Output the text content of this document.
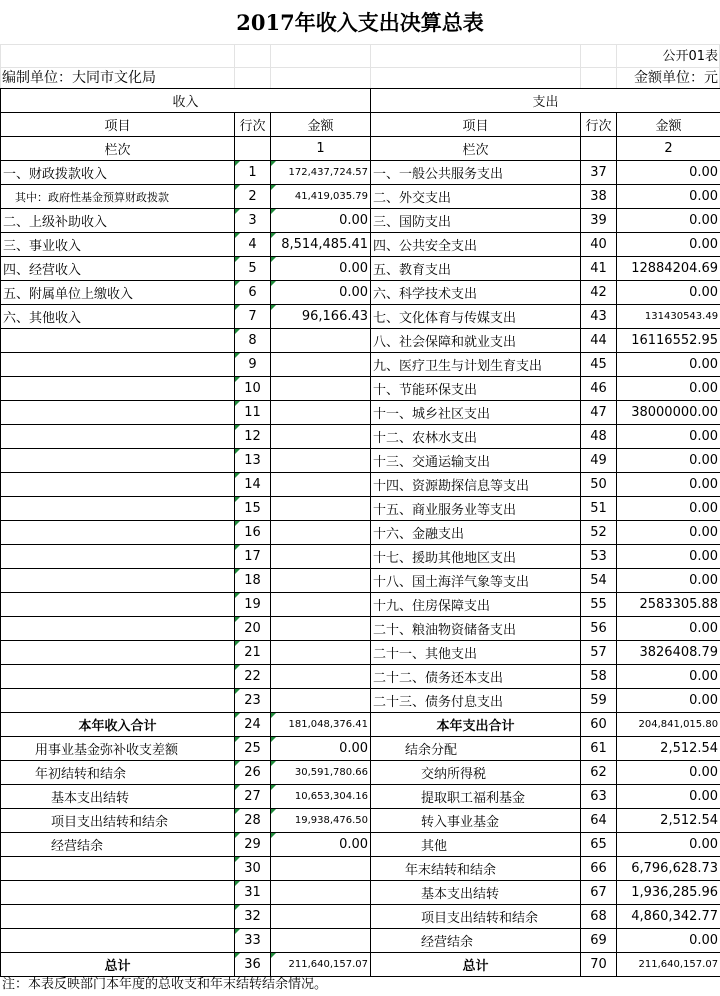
2017年收入支出决算总表
公开01表
编制单位：大同市文化局	金额单位：元
收入			支出		
项目	行次	金额	项目	行次	金额
栏次		1	栏次		2
一、财政拨款收入	1	172,437,724.57	一、一般公共服务支出	37	0.00
其中：政府性基金预算财政拨款	2	41,419,035.79	二、外交支出	38	0.00
二、上级补助收入	3	0.00	三、国防支出	39	0.00
三、事业收入	4	8,514,485.41	四、公共安全支出	40	0.00
四、经营收入	5	0.00	五、教育支出	41	12884204.69
五、附属单位上缴收入	6	0.00	六、科学技术支出	42	0.00
六、其他收入	7	96,166.43	七、文化体育与传媒支出	43	131430543.49
	8		八、社会保障和就业支出	44	16116552.95
	9		九、医疗卫生与计划生育支出	45	0.00
	10		十、节能环保支出	46	0.00
	11		十一、城乡社区支出	47	38000000.00
	12		十二、农林水支出	48	0.00
	13		十三、交通运输支出	49	0.00
	14		十四、资源勘探信息等支出	50	0.00
	15		十五、商业服务业等支出	51	0.00
	16		十六、金融支出	52	0.00
	17		十七、援助其他地区支出	53	0.00
	18		十八、国土海洋气象等支出	54	0.00
	19		十九、住房保障支出	55	2583305.88
	20		二十、粮油物资储备支出	56	0.00
	21		二十一、其他支出	57	3826408.79
	22		二十二、债务还本支出	58	0.00
	23		二十三、债务付息支出	59	0.00
本年收入合计	24	181,048,376.41	本年支出合计	60	204,841,015.80
用事业基金弥补收支差额	25	0.00	结余分配	61	2,512.54
年初结转和结余	26	30,591,780.66	交纳所得税	62	0.00
基本支出结转	27	10,653,304.16	提取职工福利基金	63	0.00
项目支出结转和结余	28	19,938,476.50	转入事业基金	64	2,512.54
经营结余	29	0.00	其他	65	0.00
	30		年末结转和结余	66	6,796,628.73
	31		基本支出结转	67	1,936,285.96
	32		项目支出结转和结余	68	4,860,342.77
	33		经营结余	69	0.00
总计	36	211,640,157.07	总计	70	211,640,157.07
注：本表反映部门本年度的总收支和年末结转结余情况。
